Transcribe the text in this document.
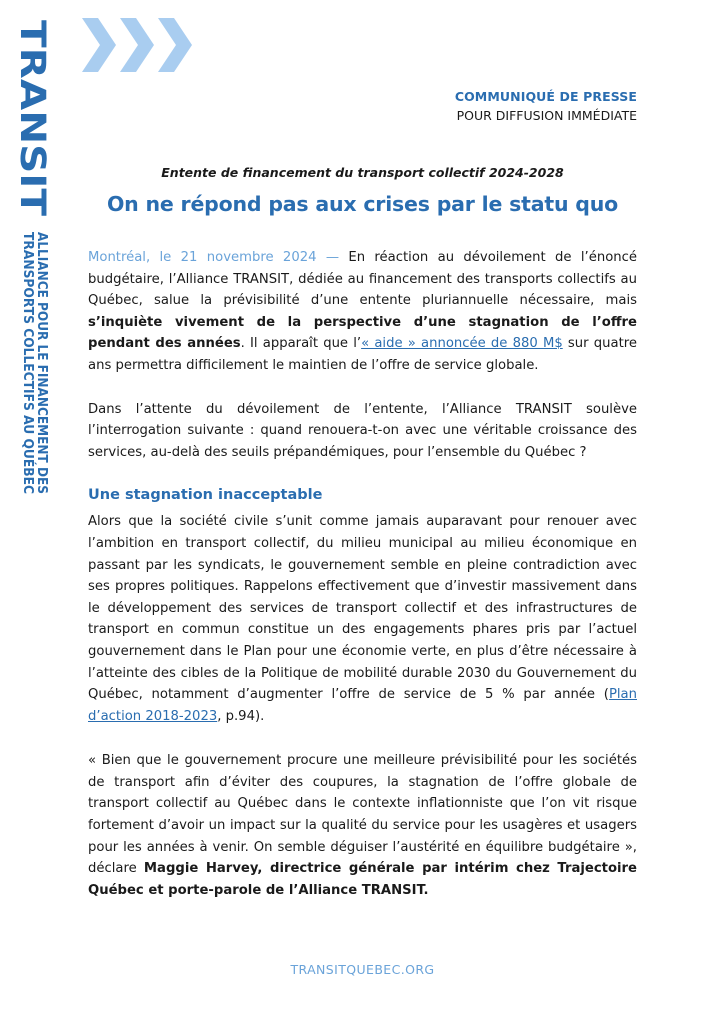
TRANSIT
ALLIANCE POUR LE FINANCEMENT DES
TRANSPORTS COLLECTIFS AU QUÉBEC
COMMUNIQUÉ DE PRESSE
POUR DIFFUSION IMMÉDIATE
Entente de financement du transport collectif 2024-2028
On ne répond pas aux crises par le statu quo

Montréal, le 21 novembre 2024 — En réaction au dévoilement de l’énoncé budgétaire, l’Alliance TRANSIT, dédiée au financement des transports collectifs au Québec, salue la prévisibilité d’une entente pluriannuelle nécessaire, mais s’inquiète vivement de la perspective d’une stagnation de l’offre pendant des années. Il apparaît que l’« aide » annoncée de 880 M$ sur quatre ans permettra difficilement le maintien de l’offre de service globale.

Dans l’attente du dévoilement de l’entente, l’Alliance TRANSIT soulève l’interrogation suivante : quand renouera-t-on avec une véritable croissance des services, au-delà des seuils prépandémiques, pour l’ensemble du Québec ?

Une stagnation inacceptable

Alors que la société civile s’unit comme jamais auparavant pour renouer avec l’ambition en transport collectif, du milieu municipal au milieu économique en passant par les syndicats, le gouvernement semble en pleine contradiction avec ses propres politiques. Rappelons effectivement que d’investir massivement dans le développement des services de transport collectif et des infrastructures de transport en commun constitue un des engagements phares pris par l’actuel gouvernement dans le Plan pour une économie verte, en plus d’être nécessaire à l’atteinte des cibles de la Politique de mobilité durable 2030 du Gouvernement du Québec, notamment d’augmenter l’offre de service de 5 % par année (Plan d’action 2018-2023, p.94).

« Bien que le gouvernement procure une meilleure prévisibilité pour les sociétés de transport afin d’éviter des coupures, la stagnation de l’offre globale de transport collectif au Québec dans le contexte inflationniste que l’on vit risque fortement d’avoir un impact sur la qualité du service pour les usagères et usagers pour les années à venir. On semble déguiser l’austérité en équilibre budgétaire », déclare Maggie Harvey, directrice générale par intérim chez Trajectoire Québec et porte-parole de l’Alliance TRANSIT.

TRANSITQUEBEC.ORG
